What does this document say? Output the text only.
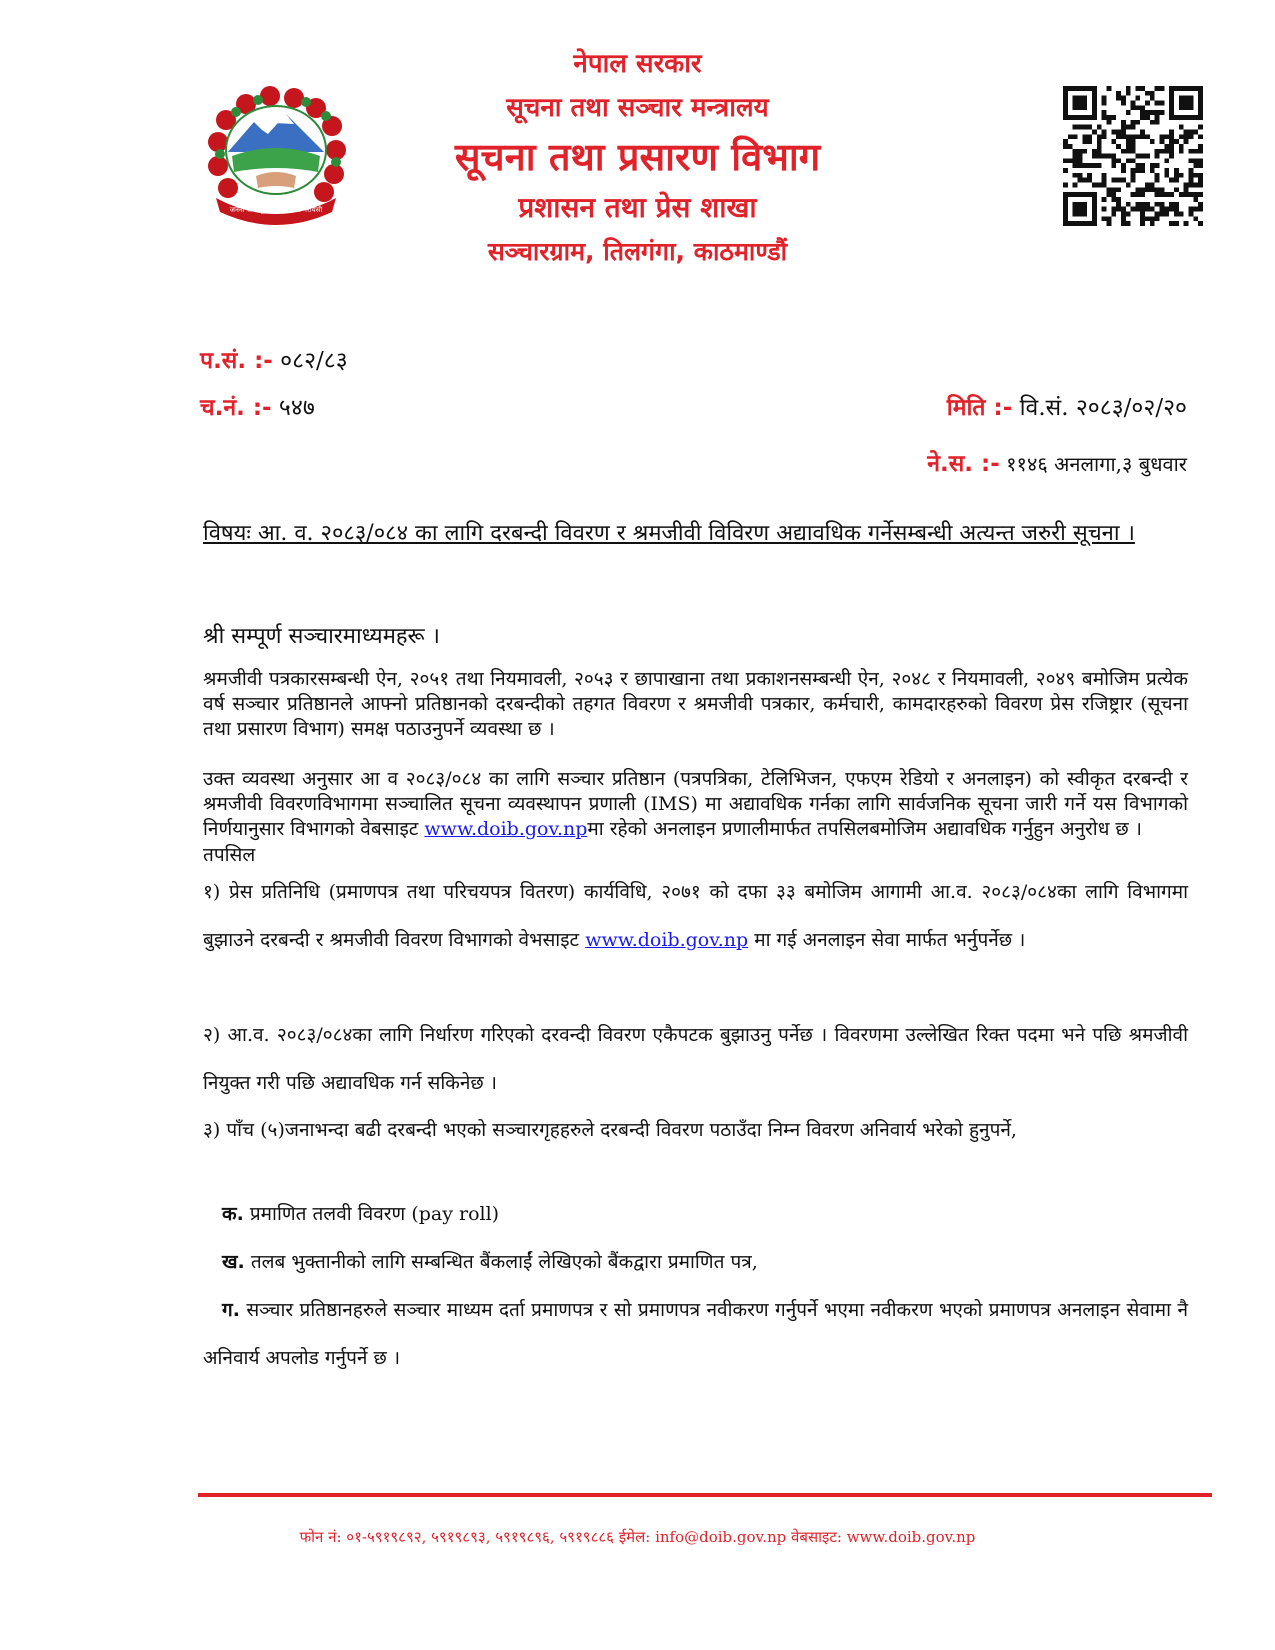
जननी जन्मभूमिश्च स्वर्गादपि गरीयसी
नेपाल सरकार
सूचना तथा सञ्चार मन्त्रालय
सूचना तथा प्रसारण विभाग
प्रशासन तथा प्रेस शाखा
सञ्चारग्राम, तिलगंगा, काठमाण्डौं
प.सं. :- ०८२/८३
च.नं. :- ५४७	मिति :- वि.सं. २०८३/०२/२०
ने.स. :- ११४६ अनलागा,३ बुधवार
विषयः आ. व. २०८३/०८४ का लागि दरबन्दी विवरण र श्रमजीवी विविरण अद्यावधिक गर्नेसम्बन्धी अत्यन्त जरुरी सूचना ।
श्री सम्पूर्ण सञ्चारमाध्यमहरू ।
श्रमजीवी पत्रकारसम्बन्धी ऐन, २०५१ तथा नियमावली, २०५३ र छापाखाना तथा प्रकाशनसम्बन्धी ऐन, २०४८ र नियमावली, २०४९ बमोजिम प्रत्येक वर्ष सञ्चार प्रतिष्ठानले आफ्नो प्रतिष्ठानको दरबन्दीको तहगत विवरण र श्रमजीवी पत्रकार, कर्मचारी, कामदारहरुको विवरण प्रेस रजिष्ट्रार (सूचना तथा प्रसारण विभाग) समक्ष पठाउनुपर्ने व्यवस्था छ ।
उक्त व्यवस्था अनुसार आ व २०८३/०८४ का लागि सञ्चार प्रतिष्ठान (पत्रपत्रिका, टेलिभिजन, एफएम रेडियो र अनलाइन) को स्वीकृत दरबन्दी र श्रमजीवी विवरणविभागमा सञ्चालित सूचना व्यवस्थापन प्रणाली (IMS) मा अद्यावधिक गर्नका लागि सार्वजनिक सूचना जारी गर्ने यस विभागको निर्णयानुसार विभागको वेबसाइट www.doib.gov.npमा रहेको अनलाइन प्रणालीमार्फत तपसिलबमोजिम अद्यावधिक गर्नुहुन अनुरोध छ ।
तपसिल
१) प्रेस प्रतिनिधि (प्रमाणपत्र तथा परिचयपत्र वितरण) कार्यविधि, २०७१ को दफा ३३ बमोजिम आगामी आ.व. २०८३/०८४का लागि विभागमा बुझाउने दरबन्दी र श्रमजीवी विवरण विभागको वेभसाइट www.doib.gov.np मा गई अनलाइन सेवा मार्फत भर्नुपर्नेछ ।
२) आ.व. २०८३/०८४का लागि निर्धारण गरिएको दरवन्दी विवरण एकैपटक बुझाउनु पर्नेछ । विवरणमा उल्लेखित रिक्त पदमा भने पछि श्रमजीवी नियुक्त गरी पछि अद्यावधिक गर्न सकिनेछ ।
३) पाँच (५)जनाभन्दा बढी दरबन्दी भएको सञ्चारगृहहरुले दरबन्दी विवरण पठाउँदा निम्न विवरण अनिवार्य भरेको हुनुपर्ने,
क. प्रमाणित तलवी विवरण (pay roll)
ख. तलब भुक्तानीको लागि सम्बन्धित बैंकलाईं लेखिएको बैंकद्वारा प्रमाणित पत्र,
ग. सञ्चार प्रतिष्ठानहरुले सञ्चार माध्यम दर्ता प्रमाणपत्र र सो प्रमाणपत्र नवीकरण गर्नुपर्ने भएमा नवीकरण भएको प्रमाणपत्र अनलाइन सेवामा नै अनिवार्य अपलोड गर्नुपर्ने छ ।
फोन नं: ०१-५९१९८९२, ५९१९८९३, ५९१९८९६, ५९१९८८६ ईमेल: info@doib.gov.np वेबसाइट: www.doib.gov.np
